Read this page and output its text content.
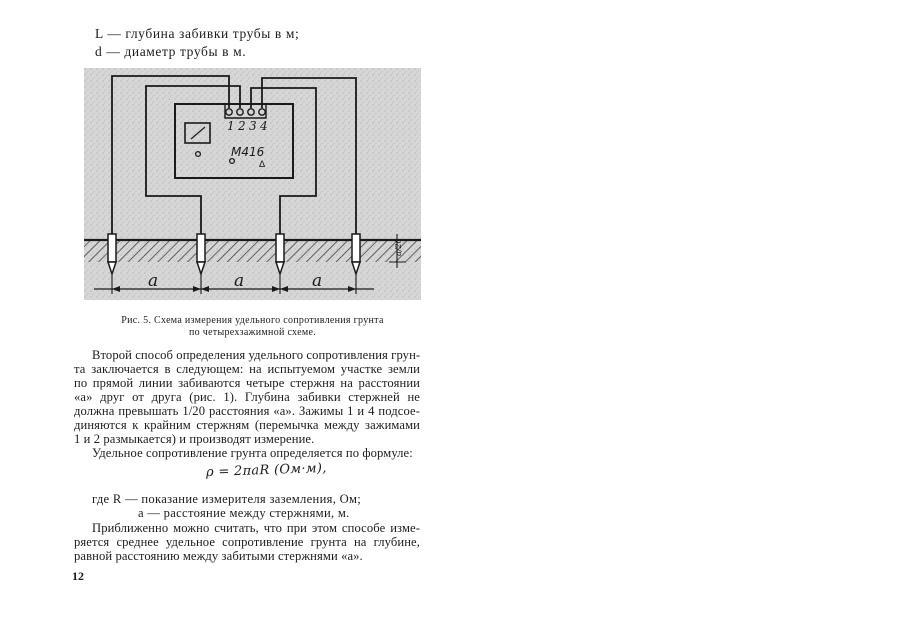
L — глубина забивки трубы в м;
d — диаметр трубы в м.
1 2 3 4
М416
Δ
a	a	a
a/20
Рис. 5. Схема измерения удельного сопротивления грунта
по четырехзажимной схеме.
Второй способ определения удельного сопротивления грун-
та заключается в следующем: на испытуемом участке земли
по прямой линии забиваются четыре стержня на расстоянии
«а» друг от друга (рис. 1). Глубина забивки стержней не
должна превышать 1/20 расстояния «а». Зажимы 1 и 4 подсое-
диняются к крайним стержням (перемычка между зажимами
1 и 2 размыкается) и производят измерение.
Удельное сопротивление грунта определяется по формуле:
ρ = 2πaR (Ом·м),
где R — показание измерителя заземления, Ом;
a — расстояние между стержнями, м.
Приближенно можно считать, что при этом способе изме-
ряется среднее удельное сопротивление грунта на глубине,
равной расстоянию между забитыми стержнями «а».
12
